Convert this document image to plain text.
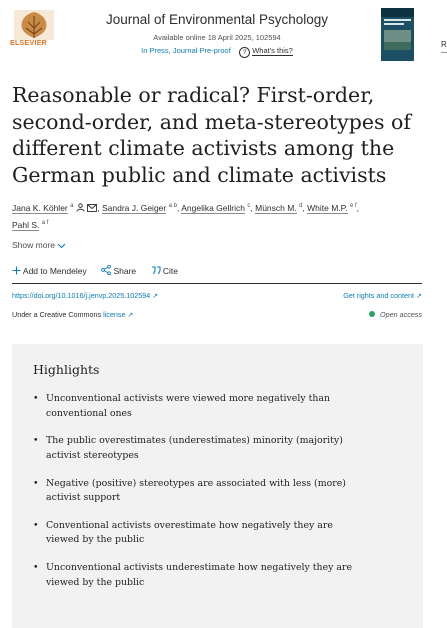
ELSEVIER
Journal of Environmental Psychology
Available online 18 April 2025, 102594
In Press, Journal Pre-proof ? What's this?
R
Reasonable or radical? First-order, second-order, and meta-stereotypes of different climate activists among the German public and climate activists
Jana K. Köhler $^a$	, Sandra J. Geiger $^{a b}$, Angelika Gellrich $^c$, Münsch M. $^d$, White M.P. $^{e f}$,
Pahl S. $^{a f}$
Show more
Add to Mendeley	Share	Cite
https://doi.org/10.1016/j.jenvp.2025.102594 ↗	Get rights and content ↗
Under a Creative Commons license ↗	Open access
Highlights
• Unconventional activists were viewed more negatively than conventional ones
• The public overestimates (underestimates) minority (majority) activist stereotypes
• Negative (positive) stereotypes are associated with less (more) activist support
• Conventional activists overestimate how negatively they are viewed by the public
• Unconventional activists underestimate how negatively they are viewed by the public
